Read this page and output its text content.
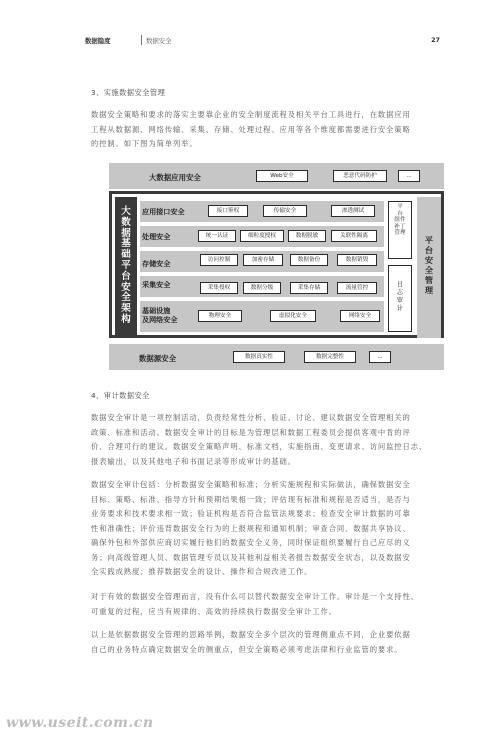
数据隐度	数据安全	27
3、实施数据安全管理

数据安全策略和要求的落实主要靠企业的安全制度流程及相关平台工具进行，在数据应用
工程从数据源、网络传输、采集、存储、处理过程、应用等各个维度都需要进行安全策略
的控制。如下图为简单列举。

大数据应用安全	Web安全	恶意代码防护	...
大
数
据
基
础
平
台
安
全
架
构
应用接口安全	接口鉴权	传输安全	渗透测试
处理安全	统一认证	细粒度授权	数据脱敏	关联性隔离
存储安全	访问控制	加密存储	数据备份	数据销毁
采集安全	采集授权	数据分级	采集存储	流量管控
基础设施
及网络安全	物理安全	虚拟化安全	网络安全
平
台
组件
补丁
管理
日
志
审
计
平
台
安
全
管
理
数据源安全	数据真实性	数据完整性	...
4、审计数据安全

数据安全审计是一项控制活动，负责经常性分析、验证、讨论、建议数据安全管理相关的
政策、标准和活动。数据安全审计的目标是为管理层和数据工程委员会提供客观中肯的评
价、合理可行的建议。数据安全策略声明、标准文档，实施指南、变更请求、访问监控日志、
报表输出，以及其他电子和书面记录等形成审计的基础。

数据安全审计包括：分析数据安全策略和标准；分析实施规程和实际做法，确保数据安全
目标、策略、标准、指导方针和预期结果相一致；评估现有标准和规程是否适当，是否与
业务要求和技术要求相一致；验证机构是否符合监管法规要求；检查安全审计数据的可靠
性和准确性；评价违背数据安全行为的上报规程和通知机制；审查合同、数据共享协议、
确保外包和外部供应商切实履行他们的数据安全义务，同时保证组织要履行自己应尽的义
务；向高级管理人员、数据管理专员以及其他利益相关者报告数据安全状态，以及数据安
全实践成熟度；推荐数据安全的设计、操作和合规改进工作。

对于有效的数据安全管理而言，没有什么可以替代数据安全审计工作。审计是一个支持性、
可重复的过程，应当有规律的、高效的持续执行数据安全审计工作。

以上是依据数据安全管理的思路举例，数据安全多个层次的管理侧重点不同，企业要依据
自己的业务特点确定数据安全的侧重点，但安全策略必须考虑法律和行业监管的要求。

www.useit.com.cn
